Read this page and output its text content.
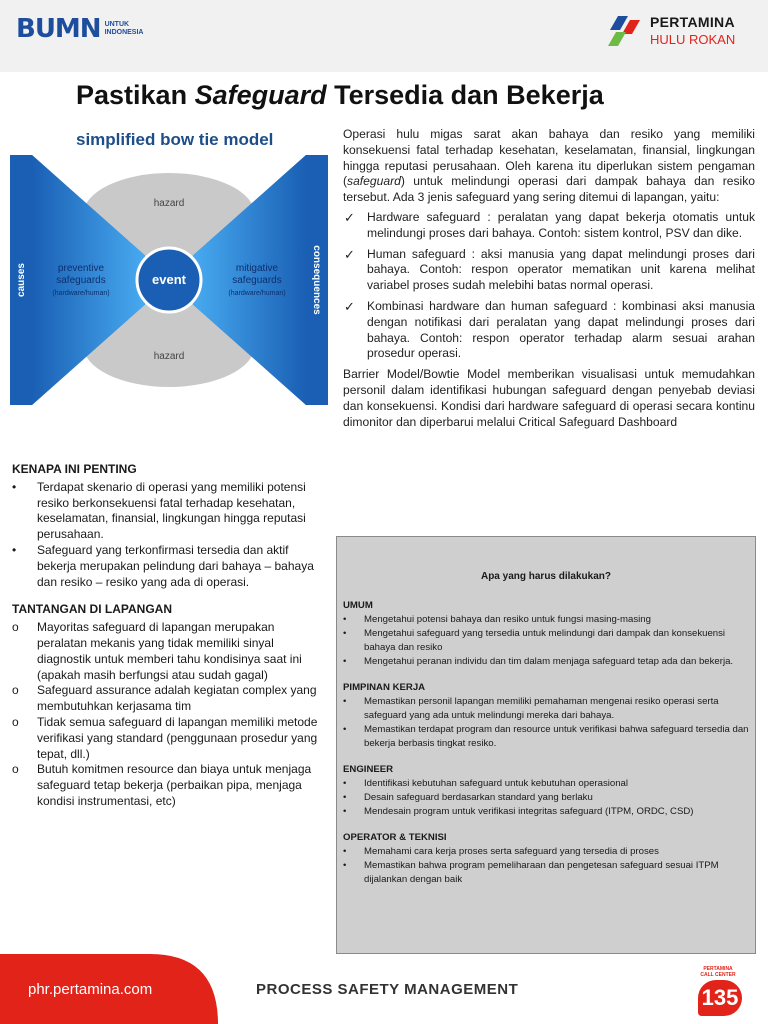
BUMN UNTUK
INDONESIA
PERTAMINA
HULU ROKAN
Pastikan Safeguard Tersedia dan Bekerja
simplified bow tie model
hazard
hazard
event
preventive
safeguards
(hardware/human)
mitigative
safeguards
(hardware/human)
causes	consequences

Operasi hulu migas sarat akan bahaya dan resiko yang memiliki konsekuensi fatal terhadap kesehatan, keselamatan, finansial, lingkungan hingga reputasi perusahaan. Oleh karena itu diperlukan sistem pengaman (safeguard) untuk melindungi operasi dari dampak bahaya dan resiko tersebut. Ada 3 jenis safeguard yang sering ditemui di lapangan, yaitu:

✓ Hardware safeguard : peralatan yang dapat bekerja otomatis untuk melindungi proses dari bahaya. Contoh: sistem kontrol, PSV dan dike.
✓ Human safeguard : aksi manusia yang dapat melindungi proses dari bahaya. Contoh: respon operator mematikan unit karena melihat variabel proses sudah melebihi batas normal operasi.
✓ Kombinasi hardware dan human safeguard : kombinasi aksi manusia dengan notifikasi dari peralatan yang dapat melindungi proses dari bahaya. Contoh: respon operator terhadap alarm sesuai arahan prosedur operasi.

Barrier Model/Bowtie Model memberikan visualisasi untuk memudahkan personil dalam identifikasi hubungan safeguard dengan penyebab deviasi dan konsekuensi. Kondisi dari hardware safeguard di operasi secara kontinu dimonitor dan diperbarui melalui Critical Safeguard Dashboard

KENAPA INI PENTING
• Terdapat skenario di operasi yang memiliki potensi resiko berkonsekuensi fatal terhadap kesehatan, keselamatan, finansial, lingkungan hingga reputasi perusahaan.
• Safeguard yang terkonfirmasi tersedia dan aktif bekerja merupakan pelindung dari bahaya – bahaya dan resiko – resiko yang ada di operasi.
TANTANGAN DI LAPANGAN
o Mayoritas safeguard di lapangan merupakan peralatan mekanis yang tidak memiliki sinyal diagnostik untuk memberi tahu kondisinya saat ini (apakah masih berfungsi atau sudah gagal)
o Safeguard assurance adalah kegiatan complex yang membutuhkan kerjasama tim
o Tidak semua safeguard di lapangan memiliki metode verifikasi yang standard (penggunaan prosedur yang tepat, dll.)
o Butuh komitmen resource dan biaya untuk menjaga safeguard tetap bekerja (perbaikan pipa, menjaga kondisi instrumentasi, etc)
Apa yang harus dilakukan?
UMUM
• Mengetahui potensi bahaya dan resiko untuk fungsi masing-masing
• Mengetahui safeguard yang tersedia untuk melindungi dari dampak dan konsekuensi bahaya dan resiko
• Mengetahui peranan individu dan tim dalam menjaga safeguard tetap ada dan bekerja.
PIMPINAN KERJA
• Memastikan personil lapangan memiliki pemahaman mengenai resiko operasi serta safeguard yang ada untuk melindungi mereka dari bahaya.
• Memastikan terdapat program dan resource untuk verifikasi bahwa safeguard tersedia dan bekerja berbasis tingkat resiko.
ENGINEER
• Identifikasi kebutuhan safeguard untuk kebutuhan operasional
• Desain safeguard berdasarkan standard yang berlaku
• Mendesain program untuk verifikasi integritas safeguard (ITPM, ORDC, CSD)
OPERATOR & TEKNISI
• Memahami cara kerja proses serta safeguard yang tersedia di proses
• Memastikan bahwa program pemeliharaan dan pengetesan safeguard sesuai ITPM dijalankan dengan baik
phr.pertamina.com	PROCESS SAFETY MANAGEMENT
PERTAMINA
CALL CENTER
135
